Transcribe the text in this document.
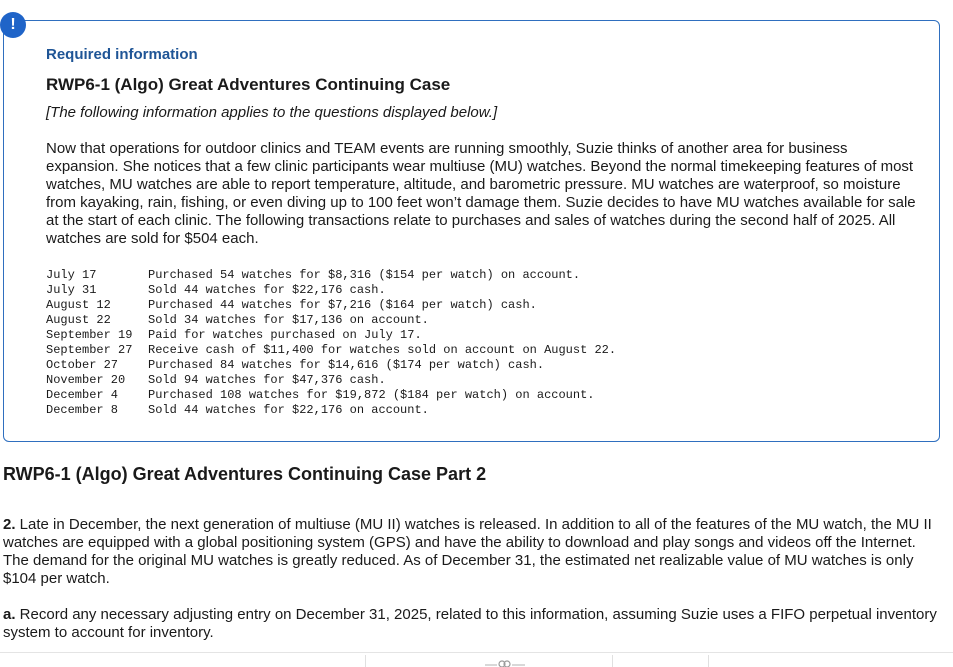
!
Required information
RWP6-1 (Algo) Great Adventures Continuing Case

[The following information applies to the questions displayed below.]

Now that operations for outdoor clinics and TEAM events are running smoothly, Suzie thinks of another area for business expansion. She notices that a few clinic participants wear multiuse (MU) watches. Beyond the normal timekeeping features of most watches, MU watches are able to report temperature, altitude, and barometric pressure. MU watches are waterproof, so moisture from kayaking, rain, fishing, or even diving up to 100 feet won’t damage them. Suzie decides to have MU watches available for sale at the start of each clinic. The following transactions relate to purchases and sales of watches during the second half of 2025. All watches are sold for $504 each.

July 17	Purchased 54 watches for $8,316 ($154 per watch) on account.
July 31	Sold 44 watches for $22,176 cash.
August 12	Purchased 44 watches for $7,216 ($164 per watch) cash.
August 22	Sold 34 watches for $17,136 on account.
September 19	Paid for watches purchased on July 17.
September 27	Receive cash of $11,400 for watches sold on account on August 22.
October 27	Purchased 84 watches for $14,616 ($174 per watch) cash.
November 20	Sold 94 watches for $47,376 cash.
December 4	Purchased 108 watches for $19,872 ($184 per watch) on account.
December 8	Sold 44 watches for $22,176 on account.
RWP6-1 (Algo) Great Adventures Continuing Case Part 2

2. Late in December, the next generation of multiuse (MU II) watches is released. In addition to all of the features of the MU watch, the MU II watches are equipped with a global positioning system (GPS) and have the ability to download and play songs and videos off the Internet. The demand for the original MU watches is greatly reduced. As of December 31, the estimated net realizable value of MU watches is only $104 per watch.

a. Record any necessary adjusting entry on December 31, 2025, related to this information, assuming Suzie uses a FIFO perpetual inventory system to account for inventory.
